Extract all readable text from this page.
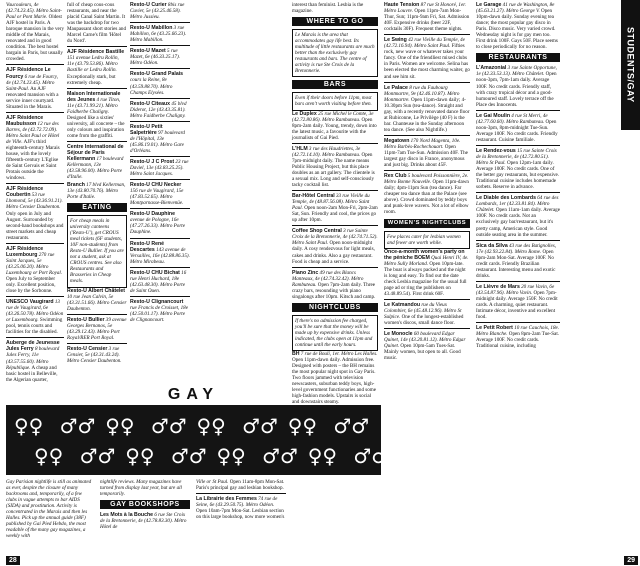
Vaucouleurs, 4e (42.74.23.45). Métro Saint-Paul or Pont Marie. Oldest AJF hostel in Paris. A baroque mansion in the very middle of the Marais, renovated and in good condition. The best hostel bargain in Paris, but usually crowded.

AJF Résidence Le Fourcy 6 rue de Fourcy, 4e (42.74.23.45). Métro Saint-Paul. An AJF renovated mansion with a service inner courtyard. Situated in the Marais.

AJF Résidence Maubuisson 12 rue des Barres, 4e (42.72.72.09). Métro Saint Paul or Hôtel de Ville. AJF's third eighteenth-century Marais house, with the lovely fifteenth-century L'Eglise de Saint Gervais et Saint Protais outside the windows.

AJF Résidence Coubertin 53 rue Lhomond, 5e (43.36.91.21). Métro Censier Daubenton. Only open in July and August. Surrounded by second-hand bookshops and street markets and cheap restaurants.

AJF Résidence Luxembourg 270 rue Saint Jacques, 5e (43.25.06.20). Métro Luxembourg or Port Royal. Open July to September only. Excellent position, close by the Sorbonne.

UNESCO Vaugirard 13 rue de Vaugirard, 6e (43.26.50.78). Métro Odéon or Luxembourg. Swimming pool, tennis courts and facilities for the disabled.

Auberge de Jeunesse Jules Ferry 8 boulevard Jules Ferry, 11e (43.57.55.60). Métro République. A cheap and basic hostel in Belleville, the Algerian quarter,

full of cheap cous-cous restaurants, and near the placid Canal Saint Martin. It was the backdrop for two Maupassant short stories and Marcel Carne's film 'Hôtel du Nord'.

AJF Résidence Bastille 151 avenue Ledru Rollin, 11e (43.79.53.86). Métro Bastille or Ledru Rollin. Exceptionally stark, but extremely cheap.

Maison Internationale des Jeunes 4 rue Titon, 11e (43.71.99.21). Métro Faidherbe Chaligny. Designed like a sixties' university, all concrete – the only colours and inspiration come from the graffiti.

Centre International de Séjour de Paris Kellermann 17 boulevard Kellermann, 13e (43.58.96.00). Métro Porte d'Italie.

Branch 17 blvd Kellerman, 13e (43.80.70.76). Métro Porte d'Italie.

EATING
For cheap meals in university canteens ('Resto-U'), get CROUS meal tickets (6F students, 10F non-students) from Resto-U Bullier. If you are not a student, ask at CROUS centres. See also Restaurants and Brasseries in Cheap meals.

Resto-U Albert Châtelet 10 rue Jean Calvin, 5e (43.31.51.66). Métro Censier Daubenton.

Resto-U Bullier 39 avenue Georges Bernanos, 5e (43.29.12.43). Métro Port Royal/RER Port Royal.

Resto-U Censier 3 rue Censier, 5e (43.31.43.24). Métro Censier Daubenton.

Resto-U Curier 8bis rue Cuvier, 5e (43.25.46.58). Métro Jussieu.

Resto-U Mabillon 3 rue Mabillon, 6e (43.25.66.23). Métro Mabillon.

Resto-U Mazet 5 rue Mazet, 6e (46.33.25.17). Métro Odéon.

Resto-U Grand Palais cours la Reine, 8e (43.59.88.70). Métro Champs Elysées.

Resto-U Citeaux 45 blvd Diderot, 12e (43.43.35.81). Métro Faidherbe Chaligny.

Resto-U Petit Salpetrière 97 boulevard de l'Hôpital, 13e (45.86.19.01). Métro Gare d'Orléans.

Resto-U J C Prost 23 rue Daviel, 13e (43.83.25.25). Métro Saint Jacques.

Resto-U CHU Necker 156 rue de Vaugirard, 15e (47.83.52.65). Métro Montparnasse-Bienvenüe.

Resto-U Dauphine avenue de Pologne, 16e (47.27.26.33). Métro Porte Dauphine.

Resto-U René Descartes 143 avenue de Versailles, 16e (42.88.86.35). Métro Mirabeau.

Resto-U CHU Bichat 16 rue Henri Huchard, 18e (42.63.48.30). Métro Porte de Saint Ouen.

Resto-U Clignancourt rue Francis de Croisset, 18e (42.50.01.17). Métro Porte de Clignancourt.

GAY
♀♀ ♂♂ ♀♀ ♂♂ ♀♀ ♂♂ ♀♀ ♂♂
♀♀ ♂♂ ♀♀ ♂♂ ♀♀ ♂♂ ♀♀ ♂♂

Gay Parisian nightlife is still as animated as ever, despite the closure of many backrooms and, temporarily, of a few clubs in vague attempts to bar AIDS (SIDA) and prostitution. Activity is concentrated in the Marais and then les Halles. Pick up the annual guide (38F) published by Gai Pied Hebdo, the most readable of the many gay magazines, a weekly with

nightlife reviews. Many magazines have turned from display last year, but are all temporarily.

GAY BOOKSHOPS

Les Mots à la Bouche 6 rue Ste Croix de la Bretonnerie, 4e (42.78.83.30). Métro Hôtel de

Ville or St Paul. Open 11am-8pm Mon-Sat. Paris's principal gay and lesbian bookshop.

La Librairie des Femmes 74 rue de Seine, 6e (43.29.50.75). Métro Odéon. Open 10am-7pm Mon-Sat. Lesbian section on this large bookshop, now more women's

interest than feminist. Lesbia is the magazine.

WHERE TO GO
Le Marais is the area that accommodates gay life best. Its multitude of little restaurants are much better than the exclusively gay restaurants and bars. The centre of activity is rue Ste Croix de la Bretonnerie.
BARS
Even if their doors before 11pm, most bars aren't worth visiting before then.

Le Duplex 25 rue Michel le Comte, 3e (42.72.80.86). Métro Rambuteau. Open 8pm-2am daily. Young, trendy, down into the latest music, a favourite with the journalists of Gai Pied.

L'HLM 3 rue des Haudriettes, 3e (42.72.14.10). Métro Rambuteau. Open 7pm-midnight daily. The name means Public Housing Project, but this place doubles as an art gallery. The clientele is a sexual mix. Long and self-consciously tacky cocktail list.

Bar-Hôtel Central 33 rue Vieille du Temple, 4e (48.87.56.08). Métro Saint Paul. Open noon-2am Mon-Fri, 2pm-2am Sat, Sun. Friendly and cool, the prices go up after 10pm.

Coffee Shop Central 3 rue Sainte Croix de la Bretonnerie, 4e (42.74.71.52). Métro Saint Paul. Open noon-midnight daily. A cosy rendezvous for light meals, cakes and drinks. Also a gay restaurant. Food is cheap and a service.

Piano Zinc 49 rue des Blancs Manteaux, 4e (42.74.32.42). Métro Rambuteau. Open 7pm-2am daily. Three crazy bars, resounding with piano singalongs after 10pm. Kitsch and camp.

NIGHTCLUBS
If there's no admission fee charged, you'll be sure that the money will be made up by expensive drinks. Unless indicated, the clubs open at 11pm and continue until the early hours.

BH 7 rue de Bouli, 1er. Métro Les Halles. Open 11pm-dawn daily. Admission free. Designed with posters – the BH remains the most popular night spot in Gay Paris. Two floors jammed with television newscasters, suburban teddy boys, high-level government functionaries and some high-fashion models. Upstairs is social and downstairs steamy.

Haute Tension 87 rue St Honoré, 1er. Métro Louvre. Open 11pm-7am Mon-Thur, Sun; 11pm-9am Fri, Sat. Admission 40F. Expensive drinks (beer 22F, cocktails 30F). Frequent theme nights.

Le Swing 42 rue Vieille du Temple, 4e (42.72.16.94). Métro Saint Paul. Fifties rock, new wave or whatever takes your fancy. One of the friendliest mixed clubs in Paris. Women are welcome. Selina has been elected the most charming waiter, go and see him sit.

Le Palace 8 rue du Faubourg Montmartre, 9e (42.46.10.87). Métro Montmartre. Open 11pm-dawn daily; 4-10.30pm Sun (tea-dance). Straight and gay, with a recently renovated dance floor at Rubiconne, Le Privilège (40 F) is the bar. Chanteuse in the Sunday afternoon tea dance. (See also Nightlife.)

Megatown 170 Nord Magenta, 10e. Métro Barbès-Rochechouart. Open 11pm-7am Tue-Sun. Admission 40F. The largest gay disco in France, anonymous and just big. Drinks about 45F.

Rex Club 5 boulevard Poissonnière, 2e. Métro Bonne Nouvelle. Open 11pm-dawn daily; 4pm-11pm Sun (tea dance). Far cheaper tea dance than at the Palace (see above). Crowd dominated by teddy boys and punk-love wavers. Not a lot of elbow room.

WOMEN'S NIGHTCLUBS
Few places cater for lesbian women and fewer are worth while.

Once-a-month women's party on the péniche BOEM Quai Henri IV, 4e. Métro Sully Morland. Open 10pm-late. The boat is always packed and the night is long and easy. To find out the date check Lesbia magazine for the usual full page ad or ring the publishers on 43.48.89.54). First drink 60F.

Le Katmandou rue du Vieux Colombier, 6e (45.48.12.96). Métro St Sulpice. One of the longest-established women's discos, small dance floor.

Le Monocle 60 boulevard Edgar Quinet, 14e (43.20.81.12). Métro Edgar Quinet. Open 10pm-5am Tues-Sat. Mainly women, but open to all. Good music.

Le Garage 41 rue de Washington, 8e (45.63.21.27). Métro George V. Open 10pm-dawn daily. Sunday evening tea dance; the most popular gay disco in Paris. Disco music. Very varied crowd. Wednesday night is for gay men too. First drink 100F. Gays 50F. Place seems to close periodically for no reason.

RESTAURANTS

L'Amazonial 3 rue Sainte Opportune, 1e (42.33.53.13). Métro Châtelet. Open noon-3pm, 7pm-1am daily. Average 100F. No credit cards. Friendly staff, with crazy tropical décor and a good-humoured staff. Lovely terrace off the Place des Innocents.

Le Gai Moulin 4 rue St Merri, 4e (42.77.60.60). Métro Rambuteau. Open noon-3pm, 8pm-midnight Tue-Sun. Average 100F. No credit cards. Friendly restaurant. Cuisine familiale.

Le Rendez-vous 15 rue Sainte Croix de la Bretonnerie, 4e (42.72.80.51). Métro St Paul. Open 12pm-1am daily. Average 100F. No credit cards. One of the better gay restaurants, but expensive. Traditional cuisine includes homemade sorbets. Reserve in advance.

Le Diable des Lombards 64 rue des Lombards, 1er (42.33.81.84). Métro Châtelet. Open 11am-1am daily. Average 100F. No credit cards. Not an exclusively gay bar/restaurant, but it's pretty camp, American style. Good outside seating area in the summer.

Sica da Silva 43 rue des Batignolles, 17e (42.93.22.84). Métro Rome. Open 8pm-2am Mon-Sat. Average 100F. No credit cards. Friendly Brazilian restaurant. Interesting menu and exotic drinks.

Le Lièvre de Mars 20 rue Vavin, 6e (43.54.87.96). Métro Vavin. Open 7pm-midnight daily. Average 150F. No credit cards. A charming, quiet restaurant. Intimate décor, inventive and excellent food.

Le Petit Robert 10 rue Cauchois, 18e. Métro Blanche. Open 8pm-2am Tue-Sat. Average 100F. No credit cards. Traditional cuisine, including

STUDENTS/GAY
28	29
